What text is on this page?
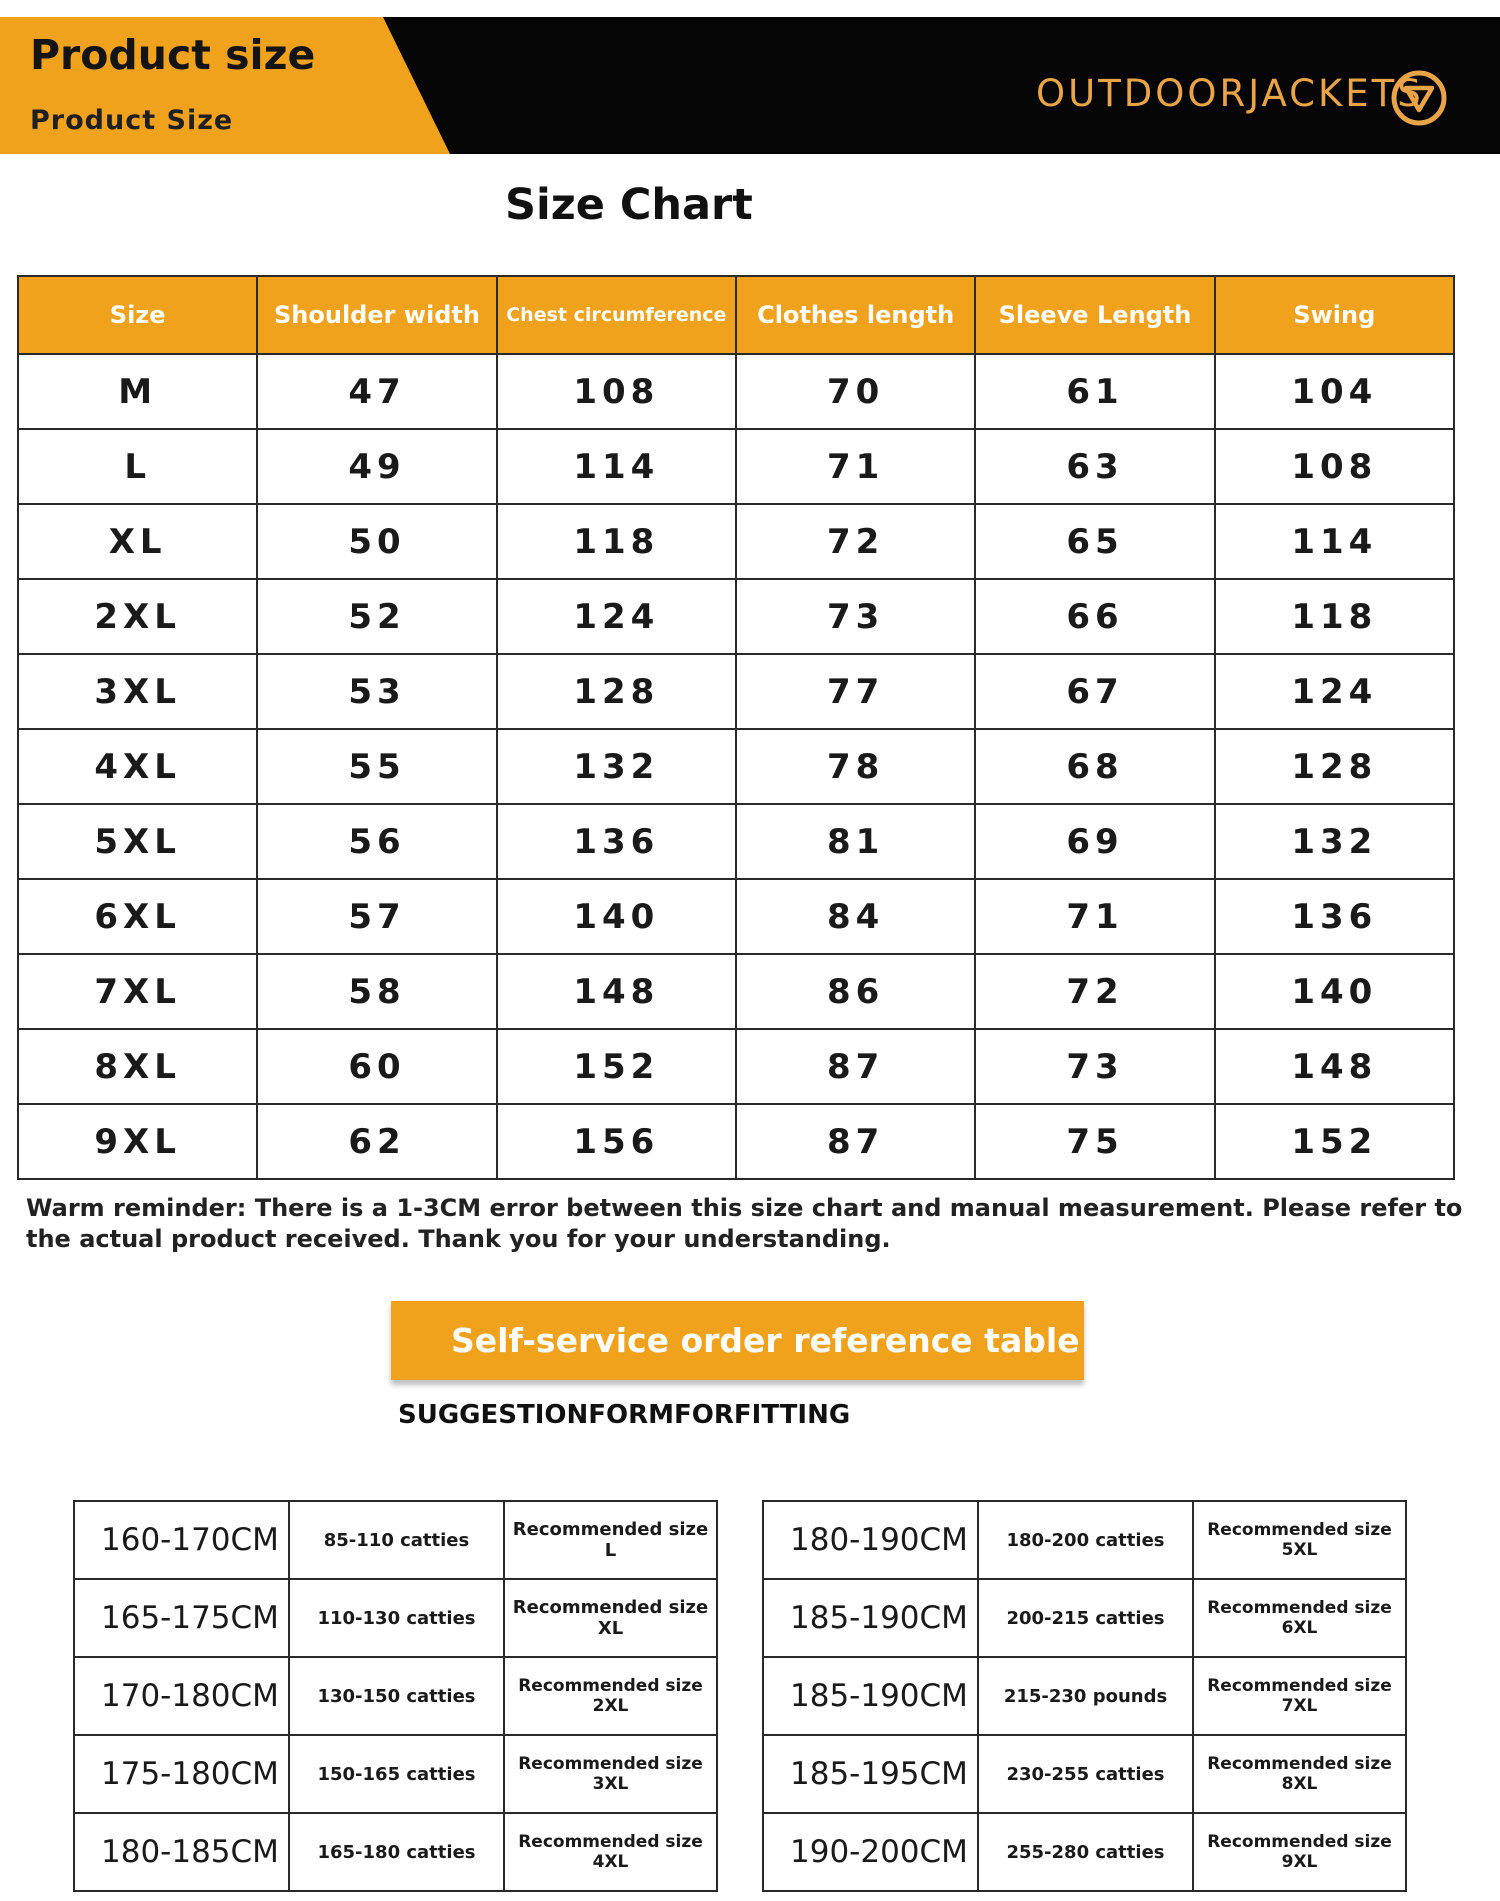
Product size
Product Size
OUTDOORJACKETS
Size Chart
Size	Shoulder width	Chest circumference	Clothes length	Sleeve Length	Swing
M	47	108	70	61	104
L	49	114	71	63	108
XL	50	118	72	65	114
2XL	52	124	73	66	118
3XL	53	128	77	67	124
4XL	55	132	78	68	128
5XL	56	136	81	69	132
6XL	57	140	84	71	136
7XL	58	148	86	72	140
8XL	60	152	87	73	148
9XL	62	156	87	75	152
Warm reminder: There is a 1-3CM error between this size chart and manual measurement. Please refer to the actual product received. Thank you for your understanding.
Self-service order reference table
SUGGESTIONFORMFORFITTING
160-170CM	85-110 catties	Recommended size L
165-175CM	110-130 catties	Recommended size XL
170-180CM	130-150 catties	Recommended size 2XL
175-180CM	150-165 catties	Recommended size 3XL
180-185CM	165-180 catties	Recommended size 4XL
180-190CM	180-200 catties	Recommended size 5XL
185-190CM	200-215 catties	Recommended size 6XL
185-190CM	215-230 pounds	Recommended size 7XL
185-195CM	230-255 catties	Recommended size 8XL
190-200CM	255-280 catties	Recommended size 9XL
